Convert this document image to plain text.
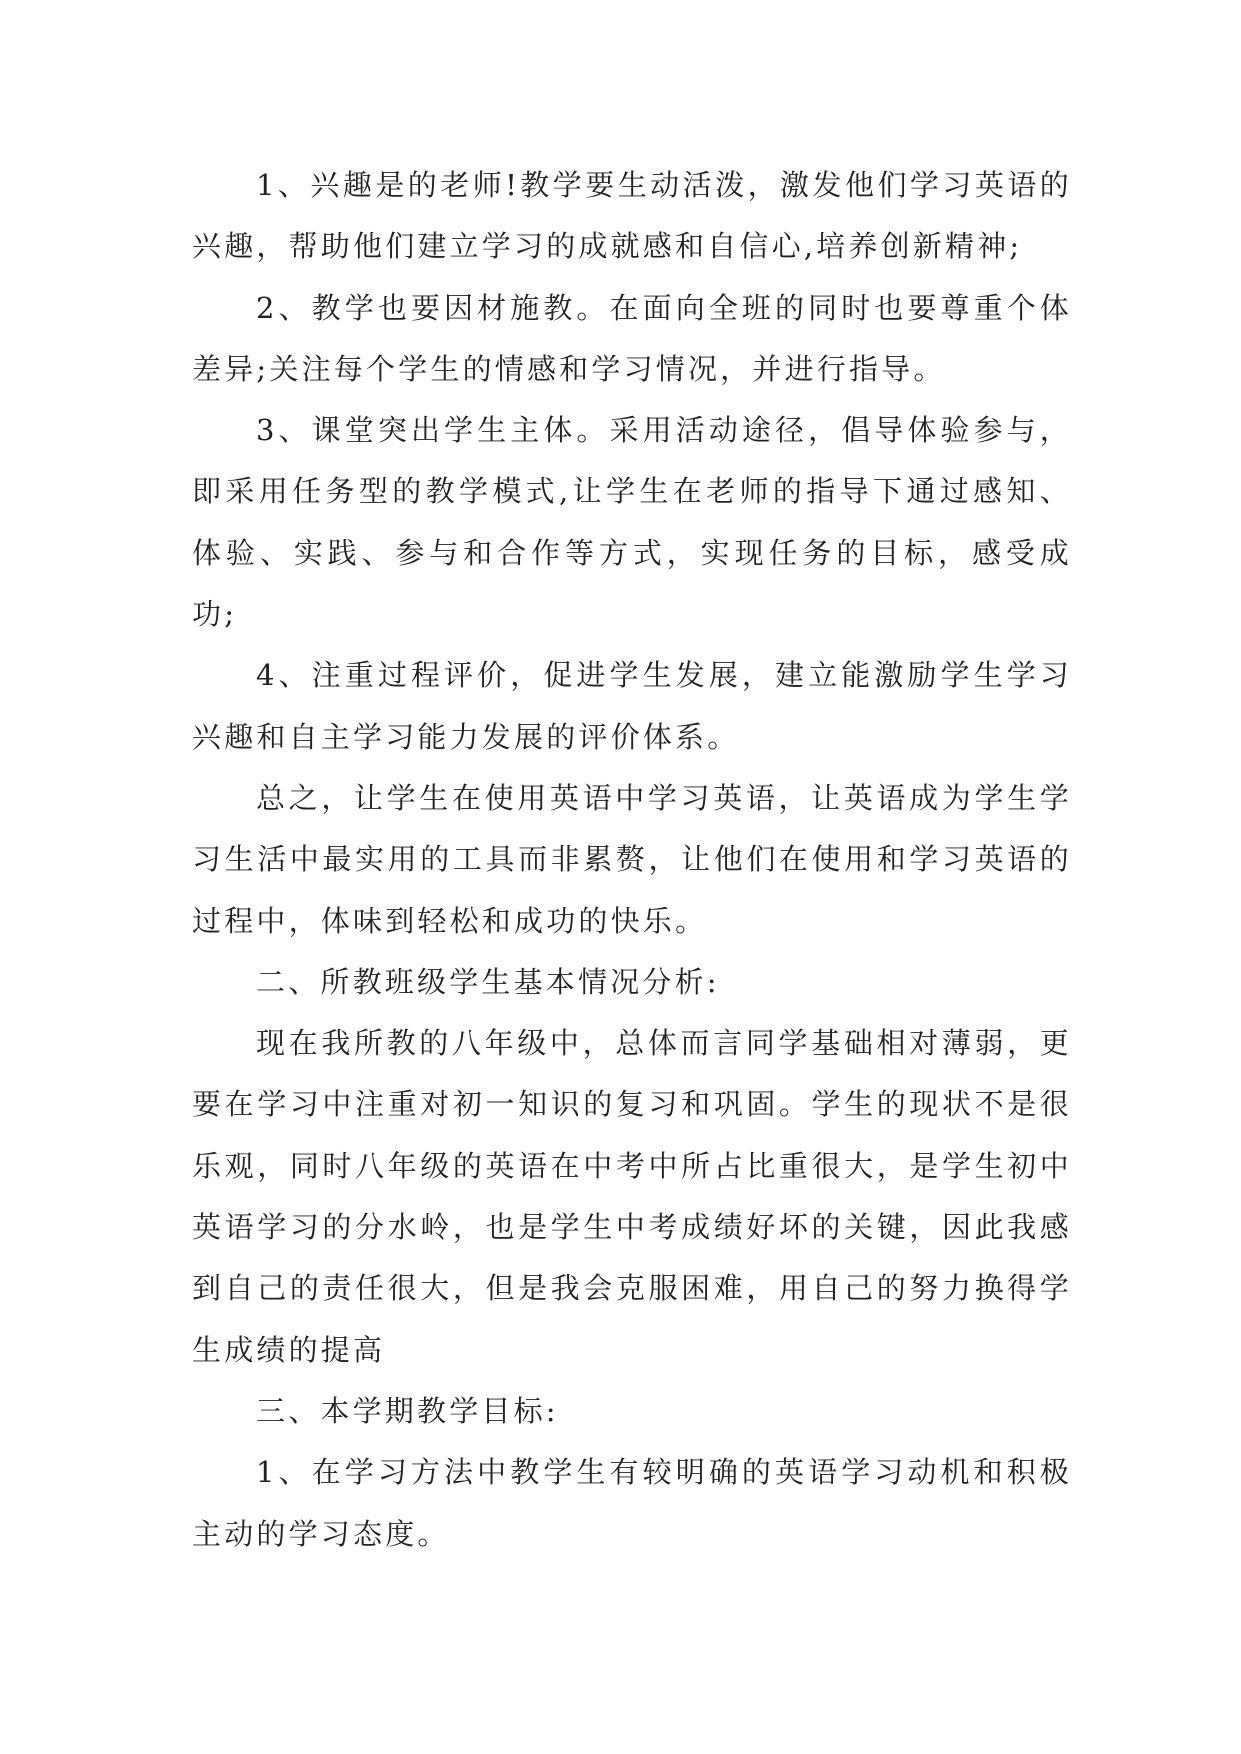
1、兴趣是的老师!教学要生动活泼，激发他们学习英语的兴趣，帮助他们建立学习的成就感和自信心,培养创新精神;

2、教学也要因材施教。在面向全班的同时也要尊重个体差异;关注每个学生的情感和学习情况，并进行指导。

3、课堂突出学生主体。采用活动途径，倡导体验参与，即采用任务型的教学模式,让学生在老师的指导下通过感知、体验、实践、参与和合作等方式，实现任务的目标，感受成功;

4、注重过程评价，促进学生发展，建立能激励学生学习兴趣和自主学习能力发展的评价体系。

总之，让学生在使用英语中学习英语，让英语成为学生学习生活中最实用的工具而非累赘，让他们在使用和学习英语的过程中，体味到轻松和成功的快乐。

二、所教班级学生基本情况分析:

现在我所教的八年级中，总体而言同学基础相对薄弱，更要在学习中注重对初一知识的复习和巩固。学生的现状不是很乐观，同时八年级的英语在中考中所占比重很大，是学生初中英语学习的分水岭，也是学生中考成绩好坏的关键，因此我感到自己的责任很大，但是我会克服困难，用自己的努力换得学生成绩的提高

三、本学期教学目标:

1、在学习方法中教学生有较明确的英语学习动机和积极主动的学习态度。
